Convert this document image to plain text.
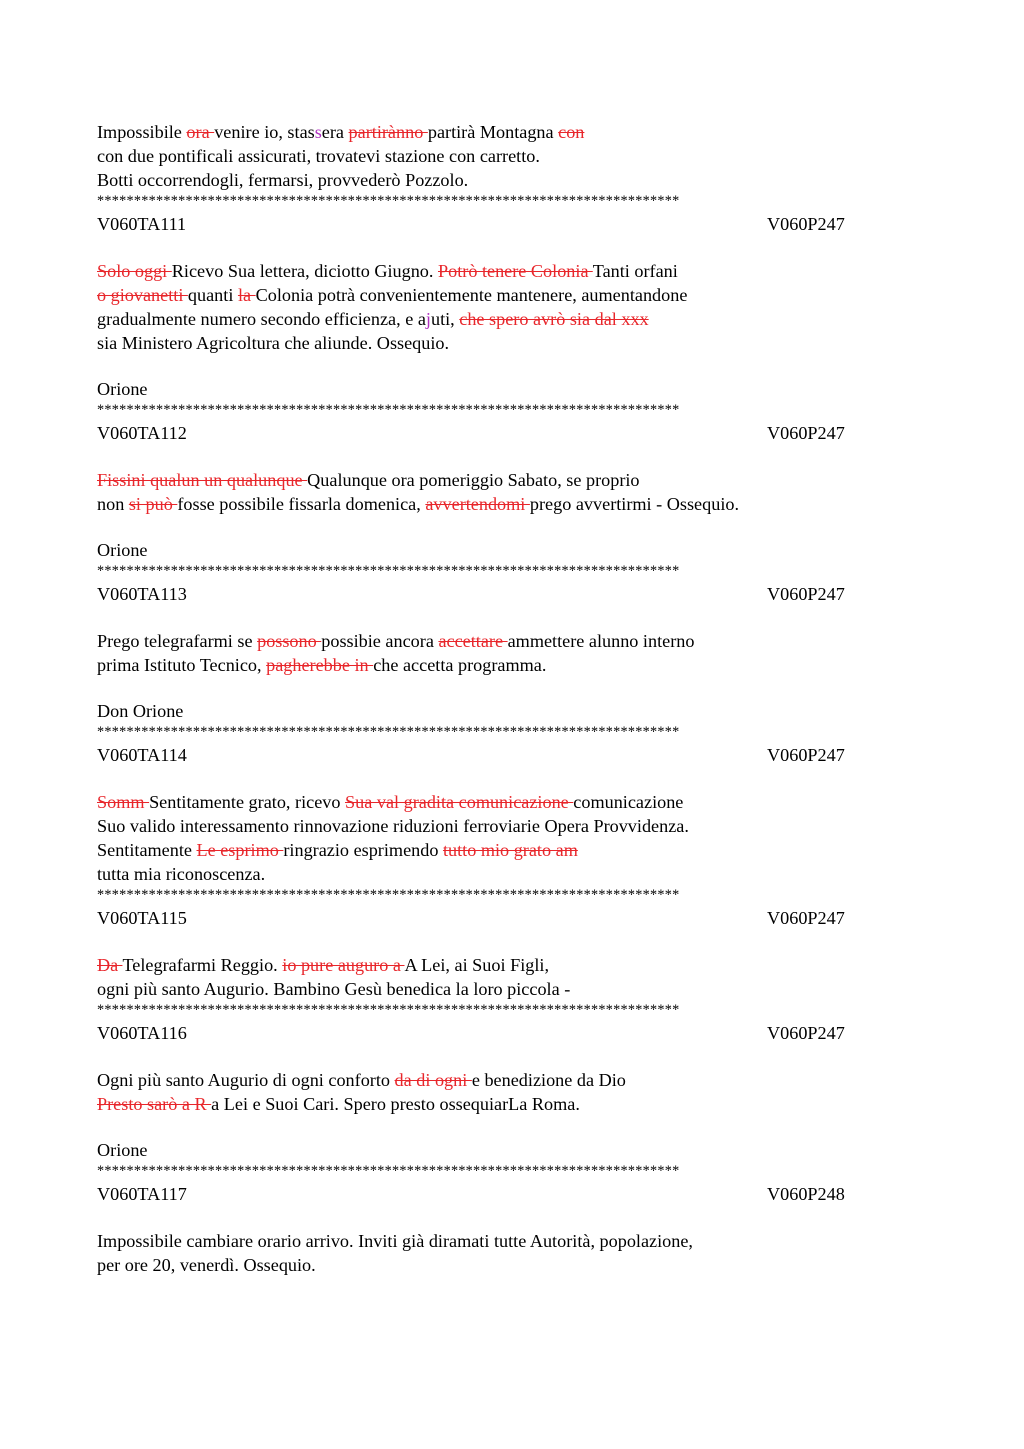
Impossibile ora venire io, stassera partirànno partirà Montagna con
con due pontificali assicurati, trovatevi stazione con carretto.
Botti occorrendogli, fermarsi, provvederò Pozzolo.
*******************************************************************************
V060TA111	V060P247
Solo oggi Ricevo Sua lettera, diciotto Giugno. Potrò tenere Colonia Tanti orfani
o giovanetti quanti la Colonia potrà convenientemente mantenere, aumentandone
gradualmente numero secondo efficienza, e ajuti, che spero avrò sia dal xxx
sia Ministero Agricoltura che aliunde. Ossequio.
Orione
*******************************************************************************
V060TA112	V060P247
Fissini qualun un qualunque Qualunque ora pomeriggio Sabato, se proprio
non si può fosse possibile fissarla domenica, avvertendomi prego avvertirmi - Ossequio.
Orione
*******************************************************************************
V060TA113	V060P247
Prego telegrafarmi se possono possibie ancora accettare ammettere alunno interno
prima Istituto Tecnico, pagherebbe in che accetta programma.
Don Orione
*******************************************************************************
V060TA114	V060P247
Somm Sentitamente grato, ricevo Sua val gradita comunicazione comunicazione
Suo valido interessamento rinnovazione riduzioni ferroviarie Opera Provvidenza.
Sentitamente Le esprimo ringrazio esprimendo tutto mio grato am
tutta mia riconoscenza.
*******************************************************************************
V060TA115	V060P247
Da Telegrafarmi Reggio. io pure auguro a A Lei, ai Suoi Figli,
ogni più santo Augurio. Bambino Gesù benedica la loro piccola -
*******************************************************************************
V060TA116	V060P247
Ogni più santo Augurio di ogni conforto da di ogni e benedizione da Dio
Presto sarò a R a Lei e Suoi Cari. Spero presto ossequiarLa Roma.
Orione
*******************************************************************************
V060TA117	V060P248
Impossibile cambiare orario arrivo. Inviti già diramati tutte Autorità, popolazione,
per ore 20, venerdì. Ossequio.
